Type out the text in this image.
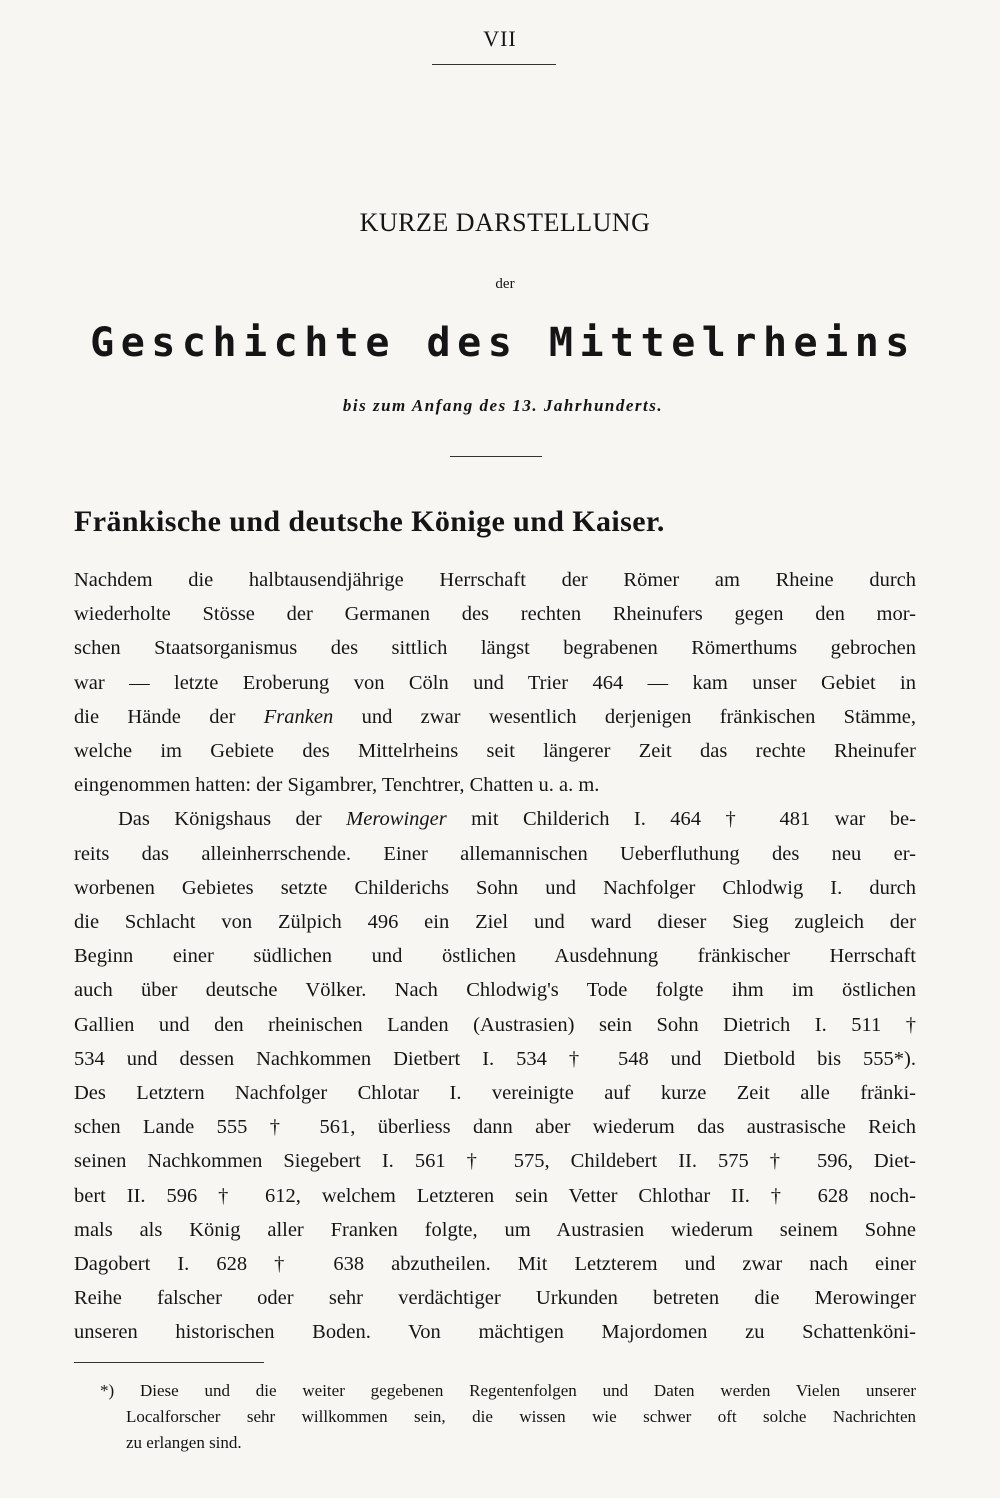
VII
KURZE DARSTELLUNG
der
Geschichte des Mittelrheins
bis zum Anfang des 13. Jahrhunderts.
Fränkische und deutsche Könige und Kaiser.
Nachdem die halbtausendjährige Herrschaft der Römer am Rheine durch
wiederholte Stösse der Germanen des rechten Rheinufers gegen den mor-
schen Staatsorganismus des sittlich längst begrabenen Römerthums gebrochen
war — letzte Eroberung von Cöln und Trier 464 — kam unser Gebiet in
die Hände der Franken und zwar wesentlich derjenigen fränkischen Stämme,
welche im Gebiete des Mittelrheins seit längerer Zeit das rechte Rheinufer
eingenommen hatten: der Sigambrer, Tenchtrer, Chatten u. a. m.
Das Königshaus der Merowinger mit Childerich I. 464 † 481 war be-
reits das alleinherrschende. Einer allemannischen Ueberfluthung des neu er-
worbenen Gebietes setzte Childerichs Sohn und Nachfolger Chlodwig I. durch
die Schlacht von Zülpich 496 ein Ziel und ward dieser Sieg zugleich der
Beginn einer südlichen und östlichen Ausdehnung fränkischer Herrschaft
auch über deutsche Völker. Nach Chlodwig's Tode folgte ihm im östlichen
Gallien und den rheinischen Landen (Austrasien) sein Sohn Dietrich I. 511 †
534 und dessen Nachkommen Dietbert I. 534 † 548 und Dietbold bis 555*).
Des Letztern Nachfolger Chlotar I. vereinigte auf kurze Zeit alle fränki-
schen Lande 555 † 561, überliess dann aber wiederum das austrasische Reich
seinen Nachkommen Siegebert I. 561 † 575, Childebert II. 575 † 596, Diet-
bert II. 596 † 612, welchem Letzteren sein Vetter Chlothar II. † 628 noch-
mals als König aller Franken folgte, um Austrasien wiederum seinem Sohne
Dagobert I. 628 † 638 abzutheilen. Mit Letzterem und zwar nach einer
Reihe falscher oder sehr verdächtiger Urkunden betreten die Merowinger
unseren historischen Boden. Von mächtigen Majordomen zu Schattenköni-
*) Diese und die weiter gegebenen Regentenfolgen und Daten werden Vielen unserer
Localforscher sehr willkommen sein, die wissen wie schwer oft solche Nachrichten
zu erlangen sind.
